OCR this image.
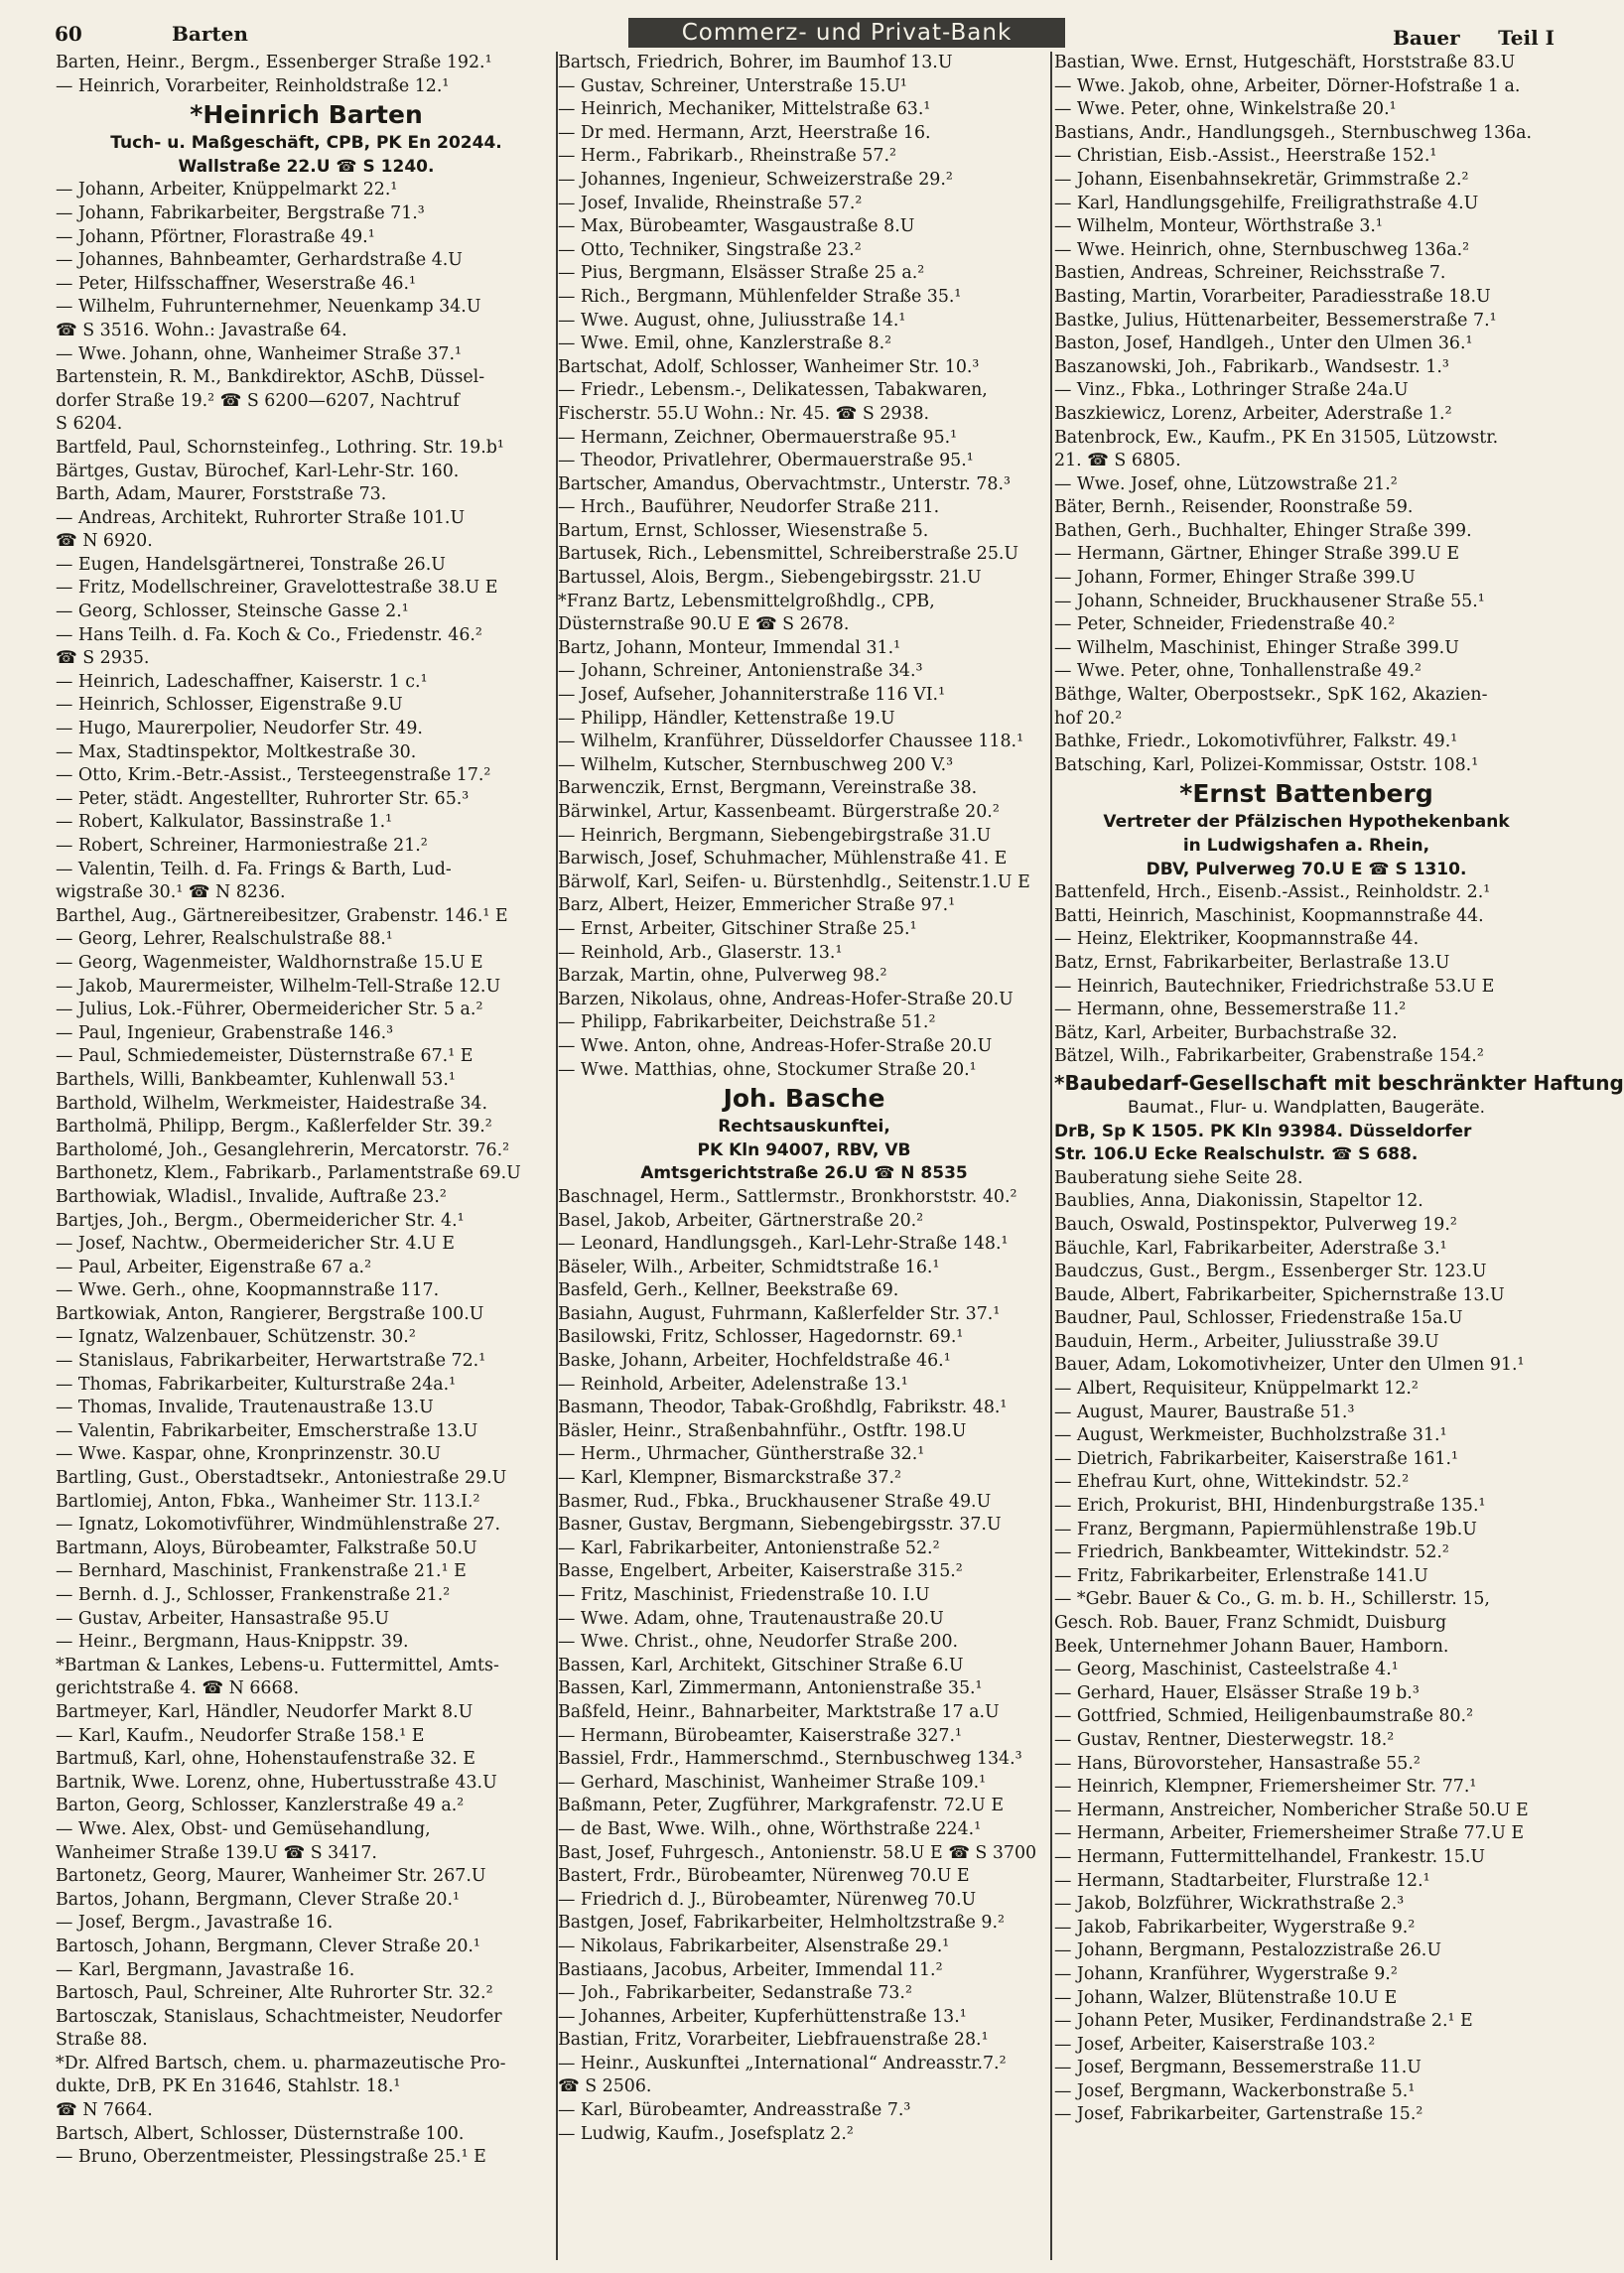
60	Barten	Commerz- und Privat-Bank	Bauer Teil I
Barten, Heinr., Bergm., Essenberger Straße 192.¹
— Heinrich, Vorarbeiter, Reinholdstraße 12.¹
*Heinrich Barten
Tuch- u. Maßgeschäft, CPB, PK En 20244.
Wallstraße 22.U ☎ S 1240.
— Johann, Arbeiter, Knüppelmarkt 22.¹
— Johann, Fabrikarbeiter, Bergstraße 71.³
— Johann, Pförtner, Florastraße 49.¹
— Johannes, Bahnbeamter, Gerhardstraße 4.U
— Peter, Hilfsschaffner, Weserstraße 46.¹
— Wilhelm, Fuhrunternehmer, Neuenkamp 34.U
☎ S 3516. Wohn.: Javastraße 64.
— Wwe. Johann, ohne, Wanheimer Straße 37.¹
Bartenstein, R. M., Bankdirektor, ASchB, Düssel-
dorfer Straße 19.² ☎ S 6200—6207, Nachtruf
S 6204.
Bartfeld, Paul, Schornsteinfeg., Lothring. Str. 19.b¹
Bärtges, Gustav, Bürochef, Karl-Lehr-Str. 160.
Barth, Adam, Maurer, Forststraße 73.
— Andreas, Architekt, Ruhrorter Straße 101.U
☎ N 6920.
— Eugen, Handelsgärtnerei, Tonstraße 26.U
— Fritz, Modellschreiner, Gravelottestraße 38.U E
— Georg, Schlosser, Steinsche Gasse 2.¹
— Hans Teilh. d. Fa. Koch & Co., Friedenstr. 46.²
☎ S 2935.
— Heinrich, Ladeschaffner, Kaiserstr. 1 c.¹
— Heinrich, Schlosser, Eigenstraße 9.U
— Hugo, Maurerpolier, Neudorfer Str. 49.
— Max, Stadtinspektor, Moltkestraße 30.
— Otto, Krim.-Betr.-Assist., Tersteegenstraße 17.²
— Peter, städt. Angestellter, Ruhrorter Str. 65.³
— Robert, Kalkulator, Bassinstraße 1.¹
— Robert, Schreiner, Harmoniestraße 21.²
— Valentin, Teilh. d. Fa. Frings & Barth, Lud-
wigstraße 30.¹ ☎ N 8236.
Barthel, Aug., Gärtnereibesitzer, Grabenstr. 146.¹ E
— Georg, Lehrer, Realschulstraße 88.¹
— Georg, Wagenmeister, Waldhornstraße 15.U E
— Jakob, Maurermeister, Wilhelm-Tell-Straße 12.U
— Julius, Lok.-Führer, Obermeidericher Str. 5 a.²
— Paul, Ingenieur, Grabenstraße 146.³
— Paul, Schmiedemeister, Düsternstraße 67.¹ E
Barthels, Willi, Bankbeamter, Kuhlenwall 53.¹
Barthold, Wilhelm, Werkmeister, Haidestraße 34.
Bartholmä, Philipp, Bergm., Kaßlerfelder Str. 39.²
Bartholomé, Joh., Gesanglehrerin, Mercatorstr. 76.²
Barthonetz, Klem., Fabrikarb., Parlamentstraße 69.U
Barthowiak, Wladisl., Invalide, Auftraße 23.²
Bartjes, Joh., Bergm., Obermeidericher Str. 4.¹
— Josef, Nachtw., Obermeidericher Str. 4.U E
— Paul, Arbeiter, Eigenstraße 67 a.²
— Wwe. Gerh., ohne, Koopmannstraße 117.
Bartkowiak, Anton, Rangierer, Bergstraße 100.U
— Ignatz, Walzenbauer, Schützenstr. 30.²
— Stanislaus, Fabrikarbeiter, Herwartstraße 72.¹
— Thomas, Fabrikarbeiter, Kulturstraße 24a.¹
— Thomas, Invalide, Trautenaustraße 13.U
— Valentin, Fabrikarbeiter, Emscherstraße 13.U
— Wwe. Kaspar, ohne, Kronprinzenstr. 30.U
Bartling, Gust., Oberstadtsekr., Antoniestraße 29.U
Bartlomiej, Anton, Fbka., Wanheimer Str. 113.I.²
— Ignatz, Lokomotivführer, Windmühlenstraße 27.
Bartmann, Aloys, Bürobeamter, Falkstraße 50.U
— Bernhard, Maschinist, Frankenstraße 21.¹ E
— Bernh. d. J., Schlosser, Frankenstraße 21.²
— Gustav, Arbeiter, Hansastraße 95.U
— Heinr., Bergmann, Haus-Knippstr. 39.
*Bartman & Lankes, Lebens-u. Futtermittel, Amts-
gerichtstraße 4. ☎ N 6668.
Bartmeyer, Karl, Händler, Neudorfer Markt 8.U
— Karl, Kaufm., Neudorfer Straße 158.¹ E
Bartmuß, Karl, ohne, Hohenstaufenstraße 32. E
Bartnik, Wwe. Lorenz, ohne, Hubertusstraße 43.U
Barton, Georg, Schlosser, Kanzlerstraße 49 a.²
— Wwe. Alex, Obst- und Gemüsehandlung,
Wanheimer Straße 139.U ☎ S 3417.
Bartonetz, Georg, Maurer, Wanheimer Str. 267.U
Bartos, Johann, Bergmann, Clever Straße 20.¹
— Josef, Bergm., Javastraße 16.
Bartosch, Johann, Bergmann, Clever Straße 20.¹
— Karl, Bergmann, Javastraße 16.
Bartosch, Paul, Schreiner, Alte Ruhrorter Str. 32.²
Bartosczak, Stanislaus, Schachtmeister, Neudorfer
Straße 88.
*Dr. Alfred Bartsch, chem. u. pharmazeutische Pro-
dukte, DrB, PK En 31646, Stahlstr. 18.¹
☎ N 7664.
Bartsch, Albert, Schlosser, Düsternstraße 100.
— Bruno, Oberzentmeister, Plessingstraße 25.¹ E
Bartsch, Friedrich, Bohrer, im Baumhof 13.U
— Gustav, Schreiner, Unterstraße 15.U¹
— Heinrich, Mechaniker, Mittelstraße 63.¹
— Dr med. Hermann, Arzt, Heerstraße 16.
— Herm., Fabrikarb., Rheinstraße 57.²
— Johannes, Ingenieur, Schweizerstraße 29.²
— Josef, Invalide, Rheinstraße 57.²
— Max, Bürobeamter, Wasgaustraße 8.U
— Otto, Techniker, Singstraße 23.²
— Pius, Bergmann, Elsässer Straße 25 a.²
— Rich., Bergmann, Mühlenfelder Straße 35.¹
— Wwe. August, ohne, Juliusstraße 14.¹
— Wwe. Emil, ohne, Kanzlerstraße 8.²
Bartschat, Adolf, Schlosser, Wanheimer Str. 10.³
— Friedr., Lebensm.-, Delikatessen, Tabakwaren,
Fischerstr. 55.U Wohn.: Nr. 45. ☎ S 2938.
— Hermann, Zeichner, Obermauerstraße 95.¹
— Theodor, Privatlehrer, Obermauerstraße 95.¹
Bartscher, Amandus, Obervachtmstr., Unterstr. 78.³
— Hrch., Bauführer, Neudorfer Straße 211.
Bartum, Ernst, Schlosser, Wiesenstraße 5.
Bartusek, Rich., Lebensmittel, Schreiberstraße 25.U
Bartussel, Alois, Bergm., Siebengebirgsstr. 21.U
*Franz Bartz, Lebensmittelgroßhdlg., CPB,
Düsternstraße 90.U E ☎ S 2678.
Bartz, Johann, Monteur, Immendal 31.¹
— Johann, Schreiner, Antonienstraße 34.³
— Josef, Aufseher, Johanniterstraße 116 VI.¹
— Philipp, Händler, Kettenstraße 19.U
— Wilhelm, Kranführer, Düsseldorfer Chaussee 118.¹
— Wilhelm, Kutscher, Sternbuschweg 200 V.³
Barwenczik, Ernst, Bergmann, Vereinstraße 38.
Bärwinkel, Artur, Kassenbeamt. Bürgerstraße 20.²
— Heinrich, Bergmann, Siebengebirgstraße 31.U
Barwisch, Josef, Schuhmacher, Mühlenstraße 41. E
Bärwolf, Karl, Seifen- u. Bürstenhdlg., Seitenstr.1.U E
Barz, Albert, Heizer, Emmericher Straße 97.¹
— Ernst, Arbeiter, Gitschiner Straße 25.¹
— Reinhold, Arb., Glaserstr. 13.¹
Barzak, Martin, ohne, Pulverweg 98.²
Barzen, Nikolaus, ohne, Andreas-Hofer-Straße 20.U
— Philipp, Fabrikarbeiter, Deichstraße 51.²
— Wwe. Anton, ohne, Andreas-Hofer-Straße 20.U
— Wwe. Matthias, ohne, Stockumer Straße 20.¹
Joh. Basche
Rechtsauskunftei,
PK Kln 94007, RBV, VB
Amtsgerichtstraße 26.U ☎ N 8535
Baschnagel, Herm., Sattlermstr., Bronkhorststr. 40.²
Basel, Jakob, Arbeiter, Gärtnerstraße 20.²
— Leonard, Handlungsgeh., Karl-Lehr-Straße 148.¹
Bäseler, Wilh., Arbeiter, Schmidtstraße 16.¹
Basfeld, Gerh., Kellner, Beekstraße 69.
Basiahn, August, Fuhrmann, Kaßlerfelder Str. 37.¹
Basilowski, Fritz, Schlosser, Hagedornstr. 69.¹
Baske, Johann, Arbeiter, Hochfeldstraße 46.¹
— Reinhold, Arbeiter, Adelenstraße 13.¹
Basmann, Theodor, Tabak-Großhdlg, Fabrikstr. 48.¹
Bäsler, Heinr., Straßenbahnführ., Ostftr. 198.U
— Herm., Uhrmacher, Güntherstraße 32.¹
— Karl, Klempner, Bismarckstraße 37.²
Basmer, Rud., Fbka., Bruckhausener Straße 49.U
Basner, Gustav, Bergmann, Siebengebirgsstr. 37.U
— Karl, Fabrikarbeiter, Antonienstraße 52.²
Basse, Engelbert, Arbeiter, Kaiserstraße 315.²
— Fritz, Maschinist, Friedenstraße 10. I.U
— Wwe. Adam, ohne, Trautenaustraße 20.U
— Wwe. Christ., ohne, Neudorfer Straße 200.
Bassen, Karl, Architekt, Gitschiner Straße 6.U
Bassen, Karl, Zimmermann, Antonienstraße 35.¹
Baßfeld, Heinr., Bahnarbeiter, Marktstraße 17 a.U
— Hermann, Bürobeamter, Kaiserstraße 327.¹
Bassiel, Frdr., Hammerschmd., Sternbuschweg 134.³
— Gerhard, Maschinist, Wanheimer Straße 109.¹
Baßmann, Peter, Zugführer, Markgrafenstr. 72.U E
— de Bast, Wwe. Wilh., ohne, Wörthstraße 224.¹
Bast, Josef, Fuhrgesch., Antonienstr. 58.U E ☎ S 3700
Bastert, Frdr., Bürobeamter, Nürenweg 70.U E
— Friedrich d. J., Bürobeamter, Nürenweg 70.U
Bastgen, Josef, Fabrikarbeiter, Helmholtzstraße 9.²
— Nikolaus, Fabrikarbeiter, Alsenstraße 29.¹
Bastiaans, Jacobus, Arbeiter, Immendal 11.²
— Joh., Fabrikarbeiter, Sedanstraße 73.²
— Johannes, Arbeiter, Kupferhüttenstraße 13.¹
Bastian, Fritz, Vorarbeiter, Liebfrauenstraße 28.¹
— Heinr., Auskunftei „International“ Andreasstr.7.²
☎ S 2506.
— Karl, Bürobeamter, Andreasstraße 7.³
— Ludwig, Kaufm., Josefsplatz 2.²
Bastian, Wwe. Ernst, Hutgeschäft, Horststraße 83.U
— Wwe. Jakob, ohne, Arbeiter, Dörner-Hofstraße 1 a.
— Wwe. Peter, ohne, Winkelstraße 20.¹
Bastians, Andr., Handlungsgeh., Sternbuschweg 136a.
— Christian, Eisb.-Assist., Heerstraße 152.¹
— Johann, Eisenbahnsekretär, Grimmstraße 2.²
— Karl, Handlungsgehilfe, Freiligrathstraße 4.U
— Wilhelm, Monteur, Wörthstraße 3.¹
— Wwe. Heinrich, ohne, Sternbuschweg 136a.²
Bastien, Andreas, Schreiner, Reichsstraße 7.
Basting, Martin, Vorarbeiter, Paradiesstraße 18.U
Bastke, Julius, Hüttenarbeiter, Bessemerstraße 7.¹
Baston, Josef, Handlgeh., Unter den Ulmen 36.¹
Baszanowski, Joh., Fabrikarb., Wandsestr. 1.³
— Vinz., Fbka., Lothringer Straße 24a.U
Baszkiewicz, Lorenz, Arbeiter, Aderstraße 1.²
Batenbrock, Ew., Kaufm., PK En 31505, Lützowstr.
21. ☎ S 6805.
— Wwe. Josef, ohne, Lützowstraße 21.²
Bäter, Bernh., Reisender, Roonstraße 59.
Bathen, Gerh., Buchhalter, Ehinger Straße 399.
— Hermann, Gärtner, Ehinger Straße 399.U E
— Johann, Former, Ehinger Straße 399.U
— Johann, Schneider, Bruckhausener Straße 55.¹
— Peter, Schneider, Friedenstraße 40.²
— Wilhelm, Maschinist, Ehinger Straße 399.U
— Wwe. Peter, ohne, Tonhallenstraße 49.²
Bäthge, Walter, Oberpostsekr., SpK 162, Akazien-
hof 20.²
Bathke, Friedr., Lokomotivführer, Falkstr. 49.¹
Batsching, Karl, Polizei-Kommissar, Oststr. 108.¹
*Ernst Battenberg
Vertreter der Pfälzischen Hypothekenbank
in Ludwigshafen a. Rhein,
DBV, Pulverweg 70.U E ☎ S 1310.
Battenfeld, Hrch., Eisenb.-Assist., Reinholdstr. 2.¹
Batti, Heinrich, Maschinist, Koopmannstraße 44.
— Heinz, Elektriker, Koopmannstraße 44.
Batz, Ernst, Fabrikarbeiter, Berlastraße 13.U
— Heinrich, Bautechniker, Friedrichstraße 53.U E
— Hermann, ohne, Bessemerstraße 11.²
Bätz, Karl, Arbeiter, Burbachstraße 32.
Bätzel, Wilh., Fabrikarbeiter, Grabenstraße 154.²
*Baubedarf-Gesellschaft mit beschränkter Haftung
Baumat., Flur- u. Wandplatten, Baugeräte.
DrB, Sp K 1505. PK Kln 93984. Düsseldorfer
Str. 106.U Ecke Realschulstr. ☎ S 688.
Bauberatung siehe Seite 28.
Baublies, Anna, Diakonissin, Stapeltor 12.
Bauch, Oswald, Postinspektor, Pulverweg 19.²
Bäuchle, Karl, Fabrikarbeiter, Aderstraße 3.¹
Baudczus, Gust., Bergm., Essenberger Str. 123.U
Baude, Albert, Fabrikarbeiter, Spichernstraße 13.U
Baudner, Paul, Schlosser, Friedenstraße 15a.U
Bauduin, Herm., Arbeiter, Juliusstraße 39.U
Bauer, Adam, Lokomotivheizer, Unter den Ulmen 91.¹
— Albert, Requisiteur, Knüppelmarkt 12.²
— August, Maurer, Baustraße 51.³
— August, Werkmeister, Buchholzstraße 31.¹
— Dietrich, Fabrikarbeiter, Kaiserstraße 161.¹
— Ehefrau Kurt, ohne, Wittekindstr. 52.²
— Erich, Prokurist, BHI, Hindenburgstraße 135.¹
— Franz, Bergmann, Papiermühlenstraße 19b.U
— Friedrich, Bankbeamter, Wittekindstr. 52.²
— Fritz, Fabrikarbeiter, Erlenstraße 141.U
— *Gebr. Bauer & Co., G. m. b. H., Schillerstr. 15,
Gesch. Rob. Bauer, Franz Schmidt, Duisburg
Beek, Unternehmer Johann Bauer, Hamborn.
— Georg, Maschinist, Casteelstraße 4.¹
— Gerhard, Hauer, Elsässer Straße 19 b.³
— Gottfried, Schmied, Heiligenbaumstraße 80.²
— Gustav, Rentner, Diesterwegstr. 18.²
— Hans, Bürovorsteher, Hansastraße 55.²
— Heinrich, Klempner, Friemersheimer Str. 77.¹
— Hermann, Anstreicher, Nombericher Straße 50.U E
— Hermann, Arbeiter, Friemersheimer Straße 77.U E
— Hermann, Futtermittelhandel, Frankestr. 15.U
— Hermann, Stadtarbeiter, Flurstraße 12.¹
— Jakob, Bolzführer, Wickrathstraße 2.³
— Jakob, Fabrikarbeiter, Wygerstraße 9.²
— Johann, Bergmann, Pestalozzistraße 26.U
— Johann, Kranführer, Wygerstraße 9.²
— Johann, Walzer, Blütenstraße 10.U E
— Johann Peter, Musiker, Ferdinandstraße 2.¹ E
— Josef, Arbeiter, Kaiserstraße 103.²
— Josef, Bergmann, Bessemerstraße 11.U
— Josef, Bergmann, Wackerbonstraße 5.¹
— Josef, Fabrikarbeiter, Gartenstraße 15.²
